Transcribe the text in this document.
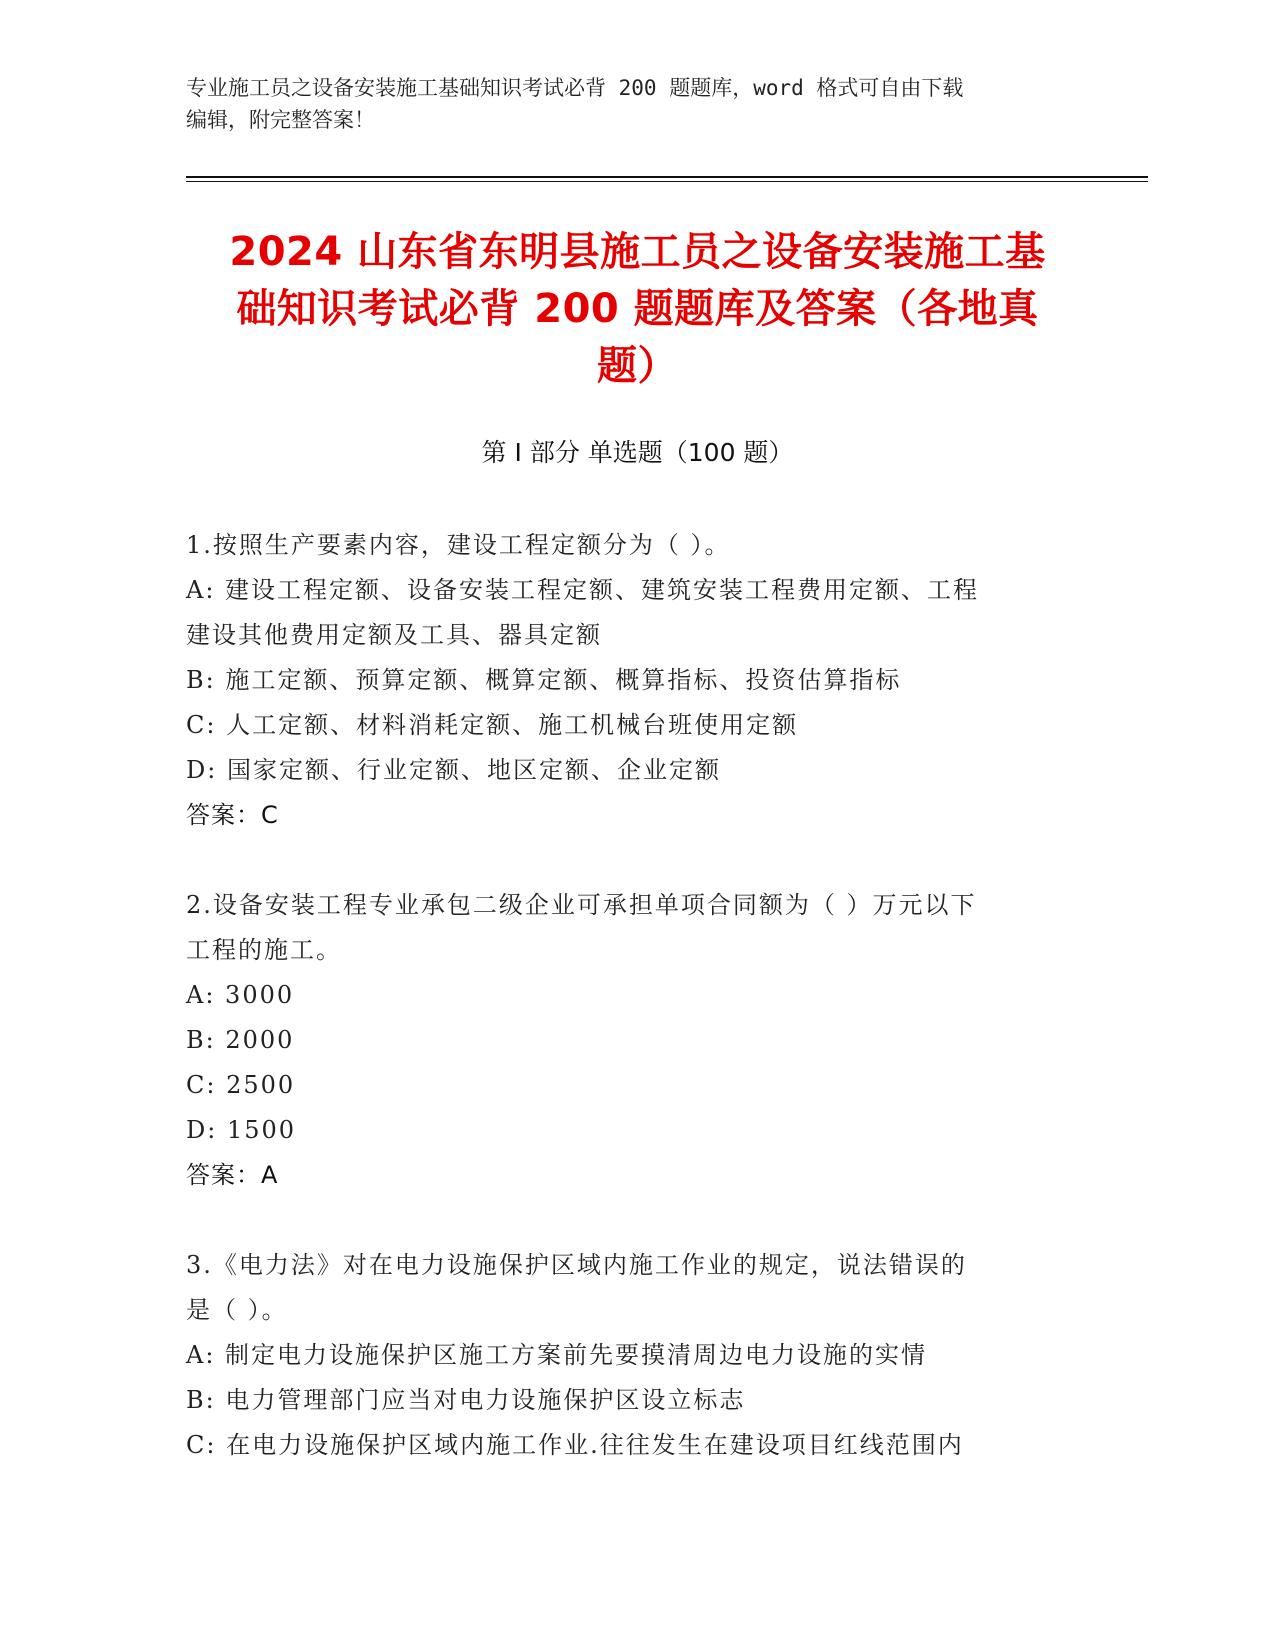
专业施工员之设备安装施工基础知识考试必背 200 题题库，word 格式可自由下载
编辑，附完整答案！
2024 山东省东明县施工员之设备安装施工基
础知识考试必背 200 题题库及答案（各地真
题）
第 I 部分 单选题（100 题）
1.按照生产要素内容，建设工程定额分为（ ）。
A: 建设工程定额、设备安装工程定额、建筑安装工程费用定额、工程
建设其他费用定额及工具、器具定额
B: 施工定额、预算定额、概算定额、概算指标、投资估算指标
C: 人工定额、材料消耗定额、施工机械台班使用定额
D: 国家定额、行业定额、地区定额、企业定额
答案：C
2.设备安装工程专业承包二级企业可承担单项合同额为（ ）万元以下
工程的施工。
A: 3000
B: 2000
C: 2500
D: 1500
答案：A
3.《电力法》对在电力设施保护区域内施工作业的规定，说法错误的
是（ ）。
A: 制定电力设施保护区施工方案前先要摸清周边电力设施的实情
B: 电力管理部门应当对电力设施保护区设立标志
C: 在电力设施保护区域内施工作业.往往发生在建设项目红线范围内
